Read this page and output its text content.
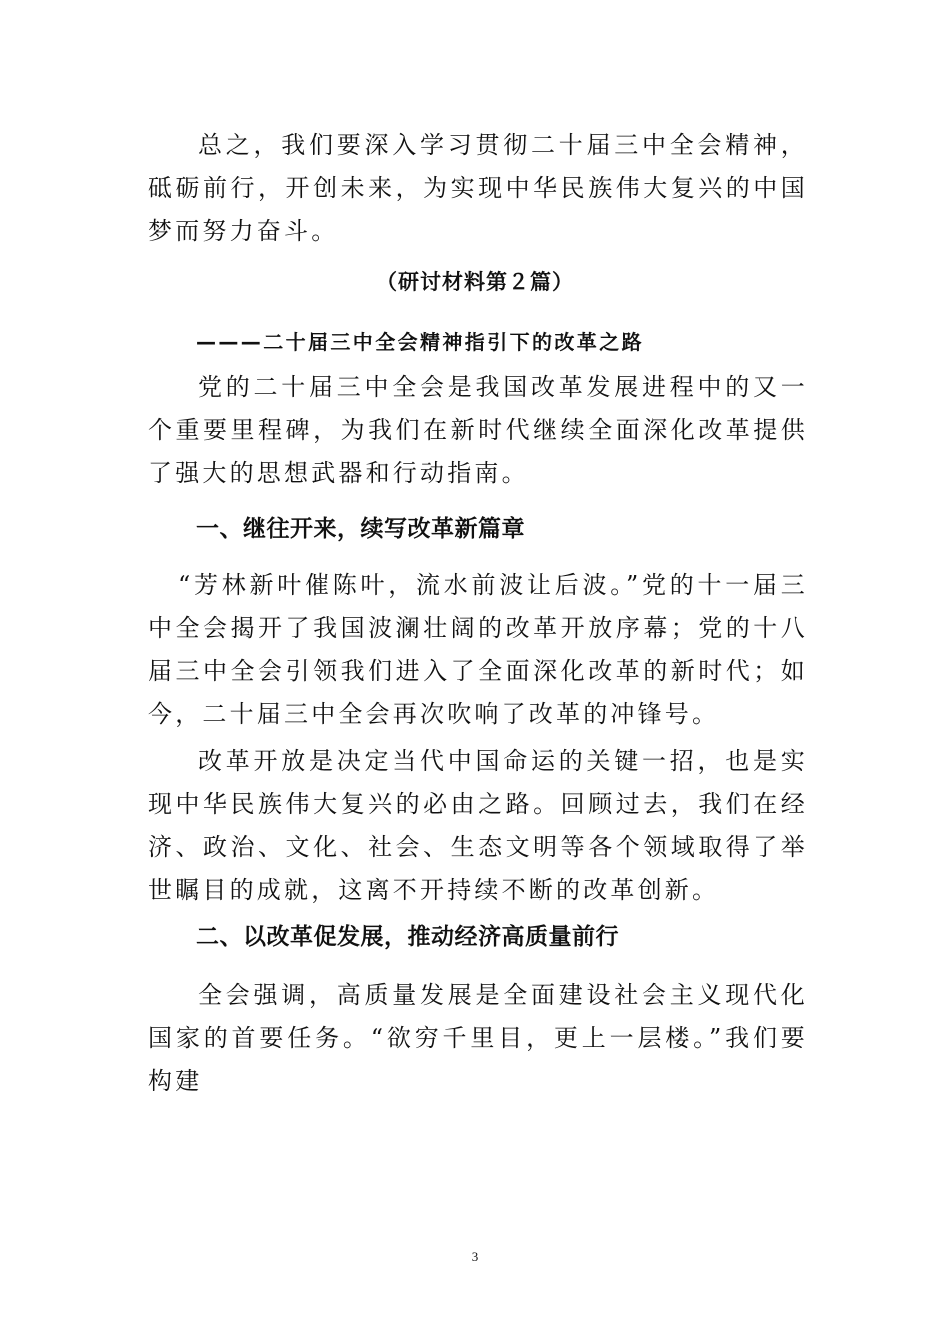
总之，我们要深入学习贯彻二十届三中全会精神，砥砺前行，开创未来，为实现中华民族伟大复兴的中国梦而努力奋斗。

（研讨材料第２篇）
———二十届三中全会精神指引下的改革之路

党的二十届三中全会是我国改革发展进程中的又一个重要里程碑，为我们在新时代继续全面深化改革提供了强大的思想武器和行动指南。

一、继往开来，续写改革新篇章

“芳林新叶催陈叶，流水前波让后波。”党的十一届三中全会揭开了我国波澜壮阔的改革开放序幕；党的十八届三中全会引领我们进入了全面深化改革的新时代；如今，二十届三中全会再次吹响了改革的冲锋号。

改革开放是决定当代中国命运的关键一招，也是实现中华民族伟大复兴的必由之路。回顾过去，我们在经济、政治、文化、社会、生态文明等各个领域取得了举世瞩目的成就，这离不开持续不断的改革创新。

二、以改革促发展，推动经济高质量前行

全会强调，高质量发展是全面建设社会主义现代化国家的首要任务。“欲穷千里目，更上一层楼。”我们要构建

3
